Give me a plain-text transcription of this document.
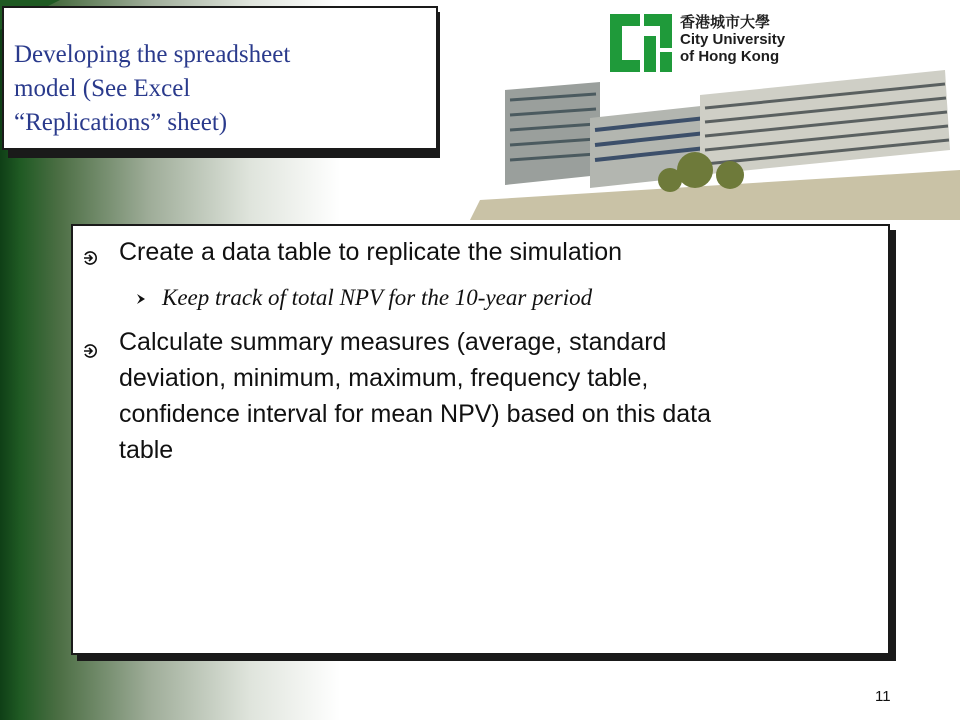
Developing the spreadsheet
model (See Excel
“Replications” sheet)
香港城市大學
City University
of Hong Kong
Create a data table to replicate the simulation
Keep track of total NPV for the 10-year period
Calculate summary measures (average, standard
deviation, minimum, maximum, frequency table,
confidence interval for mean NPV) based on this data
table
11
